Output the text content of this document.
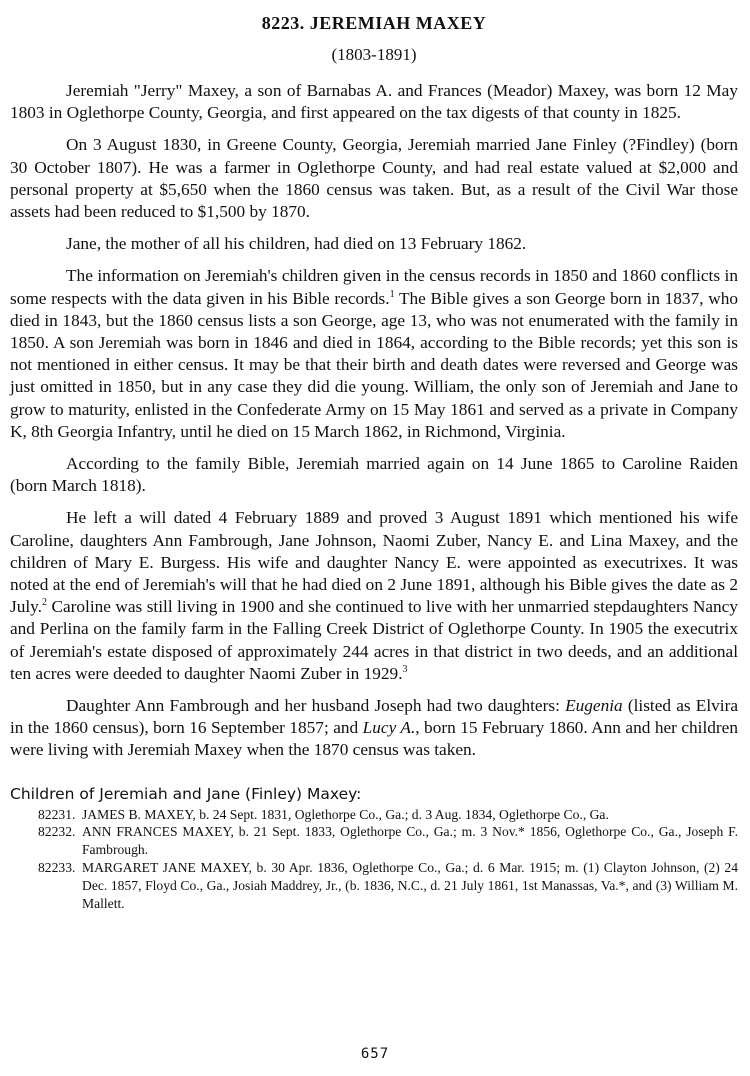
8223. JEREMIAH MAXEY
(1803-1891)

Jeremiah "Jerry" Maxey, a son of Barnabas A. and Frances (Meador) Maxey, was born 12 May 1803 in Oglethorpe County, Georgia, and first appeared on the tax digests of that county in 1825.

On 3 August 1830, in Greene County, Georgia, Jeremiah married Jane Finley (?Findley) (born 30 October 1807). He was a farmer in Oglethorpe County, and had real estate valued at $2,000 and personal property at $5,650 when the 1860 census was taken. But, as a result of the Civil War those assets had been reduced to $1,500 by 1870.

Jane, the mother of all his children, had died on 13 February 1862.

The information on Jeremiah's children given in the census records in 1850 and 1860 conflicts in some respects with the data given in his Bible records.$^1$ The Bible gives a son George born in 1837, who died in 1843, but the 1860 census lists a son George, age 13, who was not enumerated with the family in 1850. A son Jeremiah was born in 1846 and died in 1864, according to the Bible records; yet this son is not mentioned in either census. It may be that their birth and death dates were reversed and George was just omitted in 1850, but in any case they did die young. William, the only son of Jeremiah and Jane to grow to maturity, enlisted in the Confederate Army on 15 May 1861 and served as a private in Company K, 8th Georgia Infantry, until he died on 15 March 1862, in Richmond, Virginia.

According to the family Bible, Jeremiah married again on 14 June 1865 to Caroline Raiden (born March 1818).

He left a will dated 4 February 1889 and proved 3 August 1891 which mentioned his wife Caroline, daughters Ann Fambrough, Jane Johnson, Naomi Zuber, Nancy E. and Lina Maxey, and the children of Mary E. Burgess. His wife and daughter Nancy E. were appointed as executrixes. It was noted at the end of Jeremiah's will that he had died on 2 June 1891, although his Bible gives the date as 2 July.$^2$ Caroline was still living in 1900 and she continued to live with her unmarried stepdaughters Nancy and Perlina on the family farm in the Falling Creek District of Oglethorpe County. In 1905 the executrix of Jeremiah's estate disposed of approximately 244 acres in that district in two deeds, and an additional ten acres were deeded to daughter Naomi Zuber in 1929.$^3$

Daughter Ann Fambrough and her husband Joseph had two daughters: Eugenia (listed as Elvira in the 1860 census), born 16 September 1857; and Lucy A., born 15 February 1860. Ann and her children were living with Jeremiah Maxey when the 1870 census was taken.

Children of Jeremiah and Jane (Finley) Maxey:
82231. JAMES B. MAXEY, b. 24 Sept. 1831, Oglethorpe Co., Ga.; d. 3 Aug. 1834, Oglethorpe Co., Ga.
82232. ANN FRANCES MAXEY, b. 21 Sept. 1833, Oglethorpe Co., Ga.; m. 3 Nov.* 1856, Oglethorpe Co., Ga., Joseph F. Fambrough.
82233. MARGARET JANE MAXEY, b. 30 Apr. 1836, Oglethorpe Co., Ga.; d. 6 Mar. 1915; m. (1) Clayton Johnson, (2) 24 Dec. 1857, Floyd Co., Ga., Josiah Maddrey, Jr., (b. 1836, N.C., d. 21 July 1861, 1st Manassas, Va.*, and (3) William M. Mallett.
657
